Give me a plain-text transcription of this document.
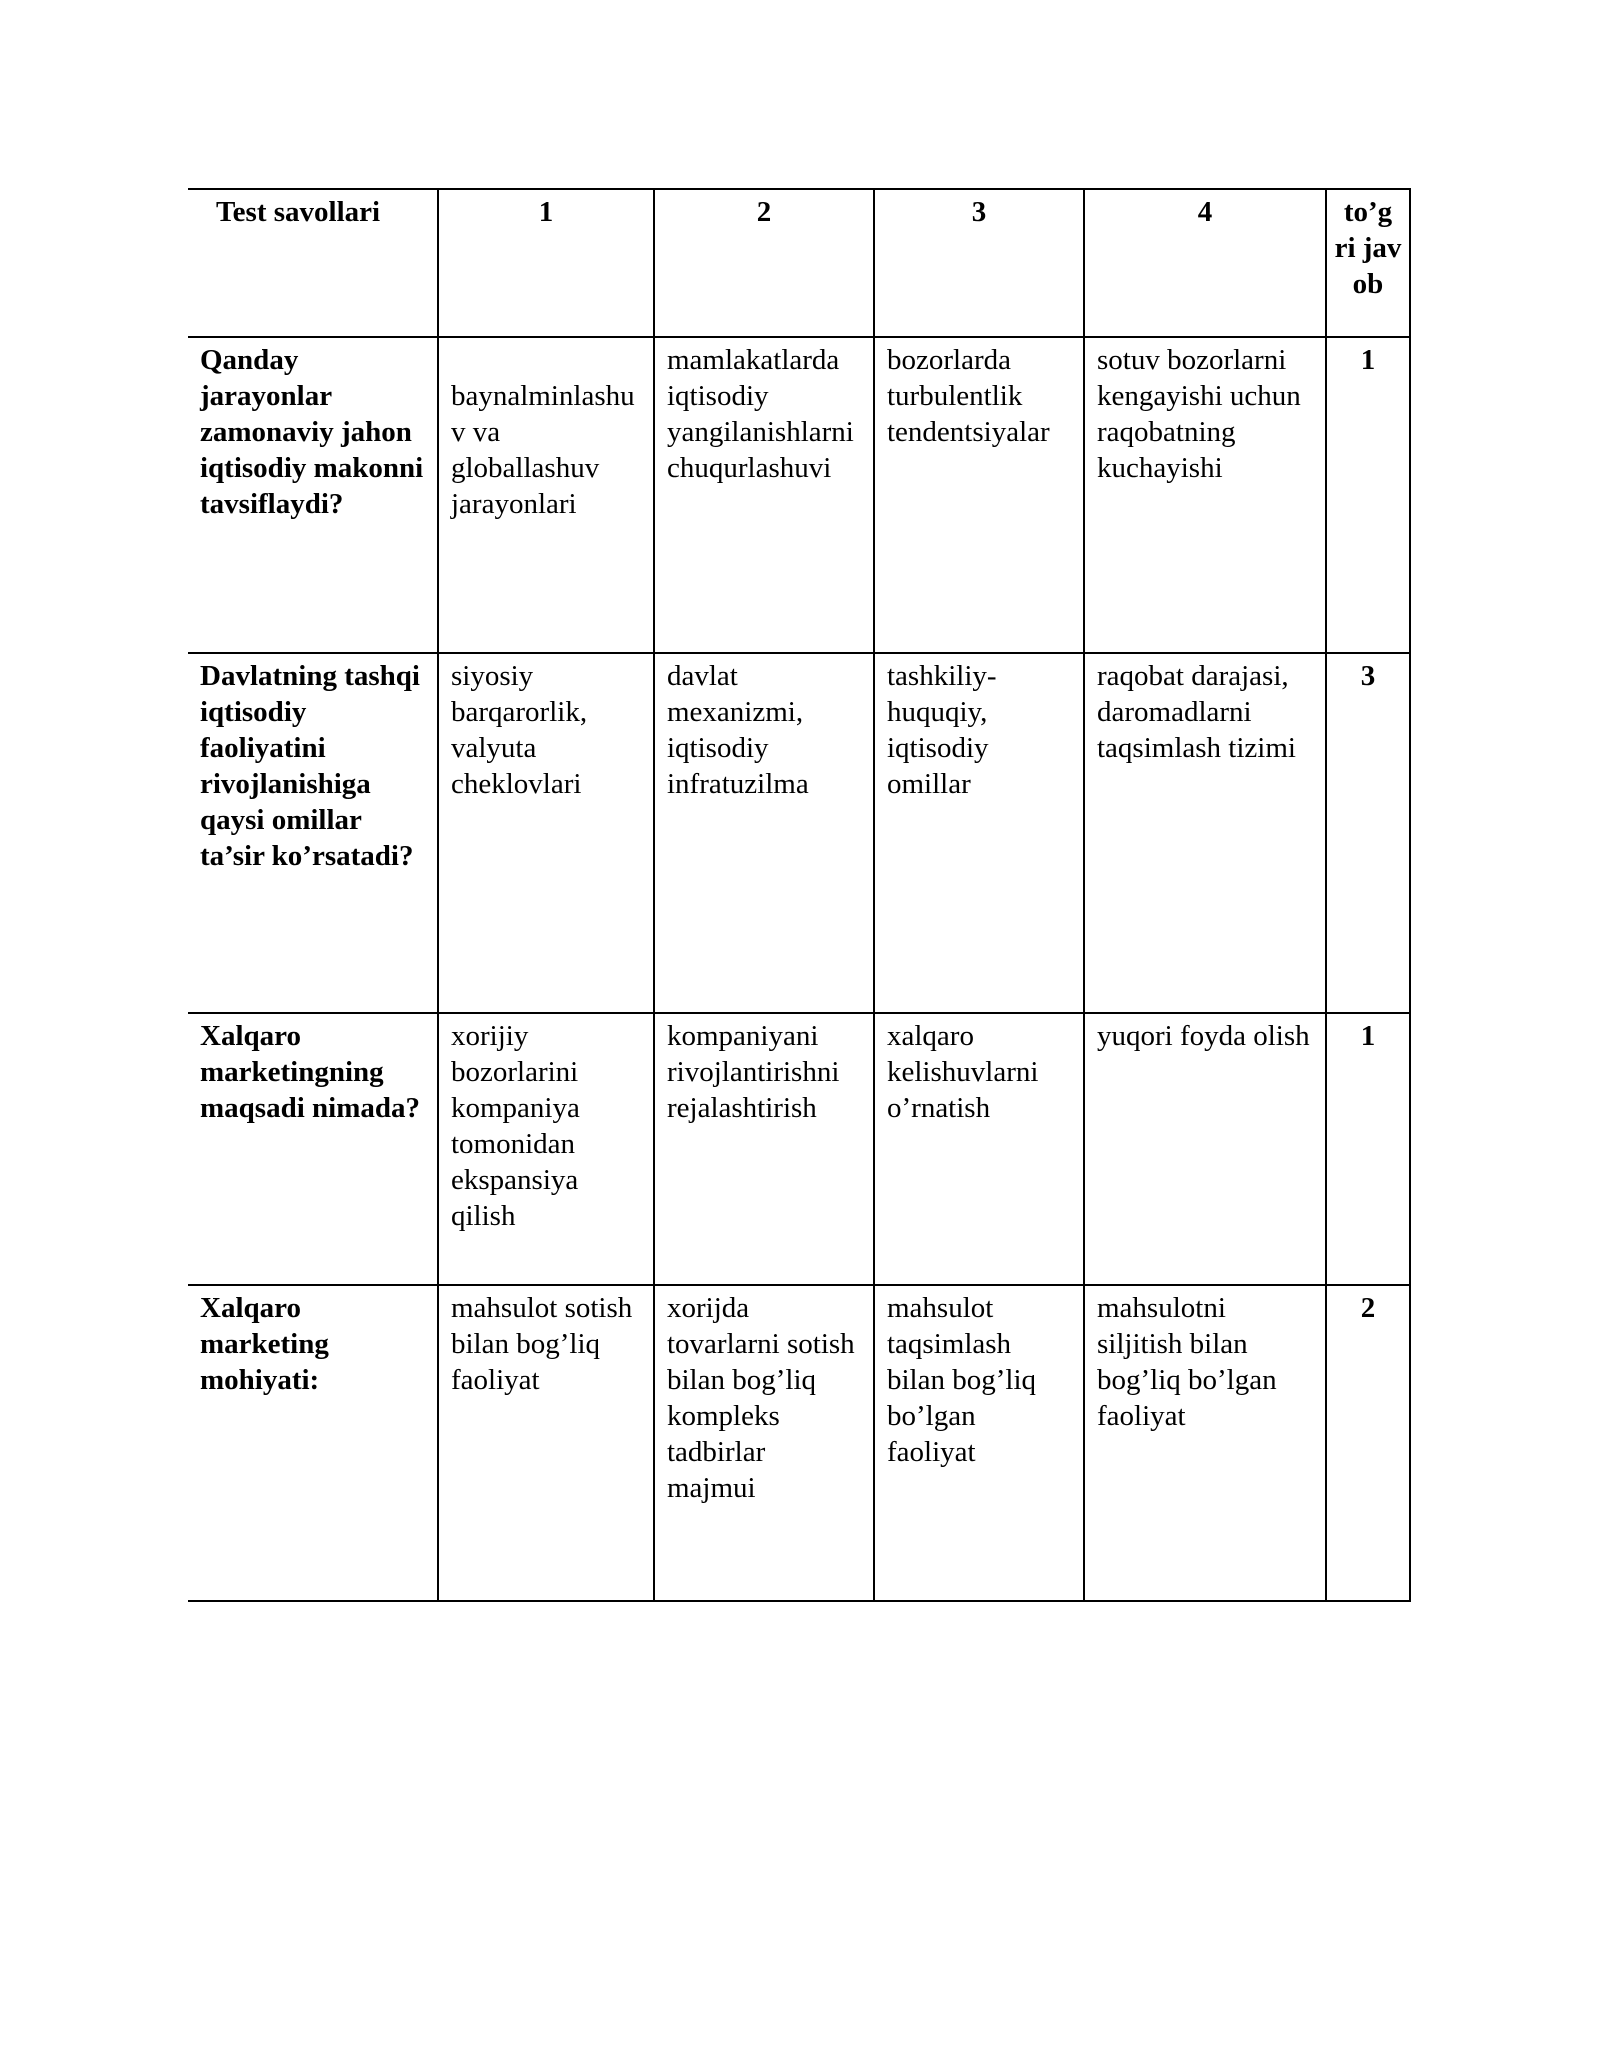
Test savollari	1	2	3	4	to’g ri jav ob
Qanday jarayonlar zamonaviy jahon iqtisodiy makonni tavsiflaydi?	baynalminlashuv va globallashuv jarayonlari	mamlakatlarda iqtisodiy yangilanishlarni chuqurlashuvi	bozorlarda turbulentlik tendentsiyalar	sotuv bozorlarni kengayishi uchun raqobatning kuchayishi	1
Davlatning tashqi iqtisodiy faoliyatini rivojlanishiga qaysi omillar ta’sir ko’rsatadi?	siyosiy barqarorlik, valyuta cheklovlari	davlat mexanizmi, iqtisodiy infratuzilma	tashkiliy-huquqiy, iqtisodiy omillar	raqobat darajasi, daromadlarni taqsimlash tizimi	3
Xalqaro marketingning maqsadi nimada?	xorijiy bozorlarini kompaniya tomonidan ekspansiya qilish	kompaniyani rivojlantirishni rejalashtirish	xalqaro kelishuvlarni o’rnatish	yuqori foyda olish	1
Xalqaro marketing mohiyati:	mahsulot sotish bilan bog’liq faoliyat	xorijda tovarlarni sotish bilan bog’liq kompleks tadbirlar majmui	mahsulot taqsimlash bilan bog’liq bo’lgan faoliyat	mahsulotni siljitish bilan bog’liq bo’lgan faoliyat	2
